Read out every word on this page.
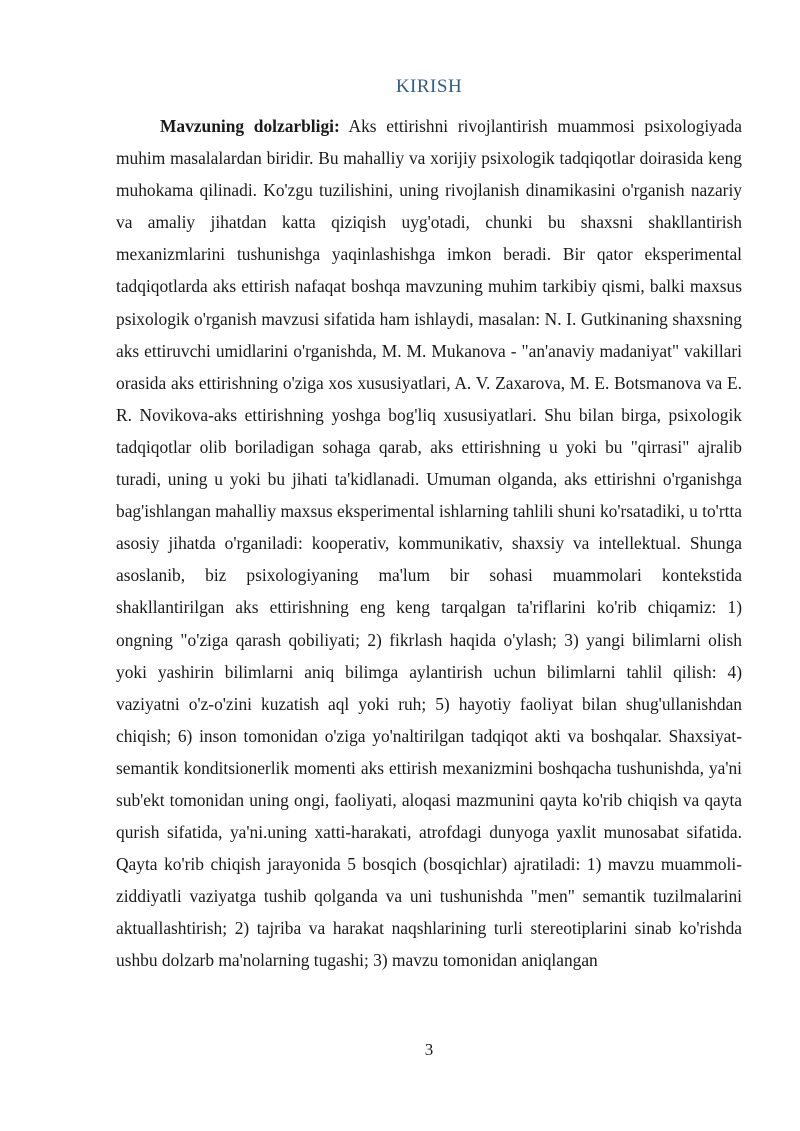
KIRISH

Mavzuning dolzarbligi: Aks ettirishni rivojlantirish muammosi psixologiyada muhim masalalardan biridir. Bu mahalliy va xorijiy psixologik tadqiqotlar doirasida keng muhokama qilinadi. Ko'zgu tuzilishini, uning rivojlanish dinamikasini o'rganish nazariy va amaliy jihatdan katta qiziqish uyg'otadi, chunki bu shaxsni shakllantirish mexanizmlarini tushunishga yaqinlashishga imkon beradi. Bir qator eksperimental tadqiqotlarda aks ettirish nafaqat boshqa mavzuning muhim tarkibiy qismi, balki maxsus psixologik o'rganish mavzusi sifatida ham ishlaydi, masalan: N. I. Gutkinaning shaxsning aks ettiruvchi umidlarini o'rganishda, M. M. Mukanova - "an'anaviy madaniyat" vakillari orasida aks ettirishning o'ziga xos xususiyatlari, A. V. Zaxarova, M. E. Botsmanova va E. R. Novikova-aks ettirishning yoshga bog'liq xususiyatlari. Shu bilan birga, psixologik tadqiqotlar olib boriladigan sohaga qarab, aks ettirishning u yoki bu "qirrasi" ajralib turadi, uning u yoki bu jihati ta'kidlanadi. Umuman olganda, aks ettirishni o'rganishga bag'ishlangan mahalliy maxsus eksperimental ishlarning tahlili shuni ko'rsatadiki, u to'rtta asosiy jihatda o'rganiladi: kooperativ, kommunikativ, shaxsiy va intellektual. Shunga asoslanib, biz psixologiyaning ma'lum bir sohasi muammolari kontekstida shakllantirilgan aks ettirishning eng keng tarqalgan ta'riflarini ko'rib chiqamiz: 1) ongning "o'ziga qarash qobiliyati; 2) fikrlash haqida o'ylash; 3) yangi bilimlarni olish yoki yashirin bilimlarni aniq bilimga aylantirish uchun bilimlarni tahlil qilish: 4) vaziyatni o'z-o'zini kuzatish aql yoki ruh; 5) hayotiy faoliyat bilan shug'ullanishdan chiqish; 6) inson tomonidan o'ziga yo'naltirilgan tadqiqot akti va boshqalar. Shaxsiyat-semantik konditsionerlik momenti aks ettirish mexanizmini boshqacha tushunishda, ya'ni sub'ekt tomonidan uning ongi, faoliyati, aloqasi mazmunini qayta ko'rib chiqish va qayta qurish sifatida, ya'ni.uning xatti-harakati, atrofdagi dunyoga yaxlit munosabat sifatida. Qayta ko'rib chiqish jarayonida 5 bosqich (bosqichlar) ajratiladi: 1) mavzu muammoli-ziddiyatli vaziyatga tushib qolganda va uni tushunishda "men" semantik tuzilmalarini aktuallashtirish; 2) tajriba va harakat naqshlarining turli stereotiplarini sinab ko'rishda ushbu dolzarb ma'nolarning tugashi; 3) mavzu tomonidan aniqlangan

3
